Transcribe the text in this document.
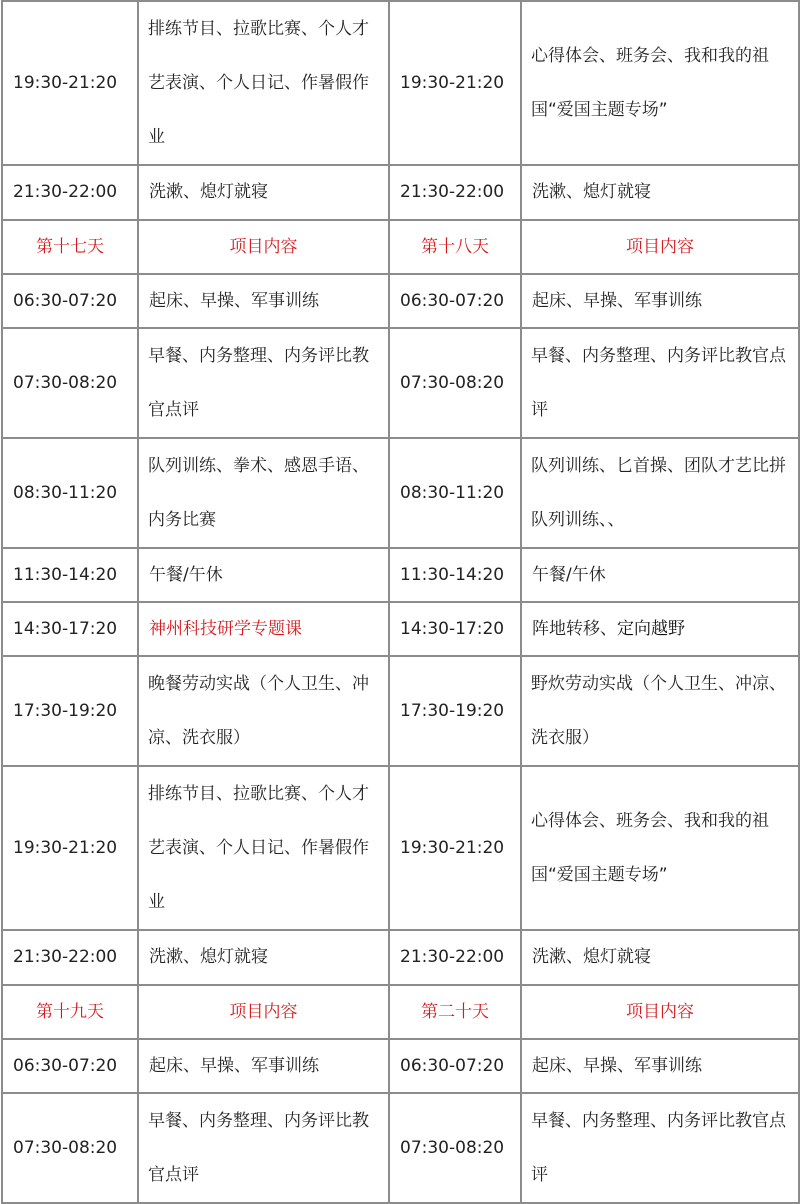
19:30-21:20	排练节目、拉歌比赛、个人才艺表演、个人日记、作暑假作业	19:30-21:20	心得体会、班务会、我和我的祖国“爱国主题专场”
21:30-22:00	洗漱、熄灯就寝	21:30-22:00	洗漱、熄灯就寝
第十七天	项目内容	第十八天	项目内容
06:30-07:20	起床、早操、军事训练	06:30-07:20	起床、早操、军事训练
07:30-08:20	早餐、内务整理、内务评比教官点评	07:30-08:20	早餐、内务整理、内务评比教官点评
08:30-11:20	队列训练、拳术、感恩手语、内务比赛	08:30-11:20	队列训练、匕首操、团队才艺比拼队列训练、、
11:30-14:20	午餐/午休	11:30-14:20	午餐/午休
14:30-17:20	神州科技研学专题课	14:30-17:20	阵地转移、定向越野
17:30-19:20	晚餐劳动实战（个人卫生、冲凉、洗衣服）	17:30-19:20	野炊劳动实战（个人卫生、冲凉、洗衣服）
19:30-21:20	排练节目、拉歌比赛、个人才艺表演、个人日记、作暑假作业	19:30-21:20	心得体会、班务会、我和我的祖国“爱国主题专场”
21:30-22:00	洗漱、熄灯就寝	21:30-22:00	洗漱、熄灯就寝
第十九天	项目内容	第二十天	项目内容
06:30-07:20	起床、早操、军事训练	06:30-07:20	起床、早操、军事训练
07:30-08:20	早餐、内务整理、内务评比教官点评	07:30-08:20	早餐、内务整理、内务评比教官点评
